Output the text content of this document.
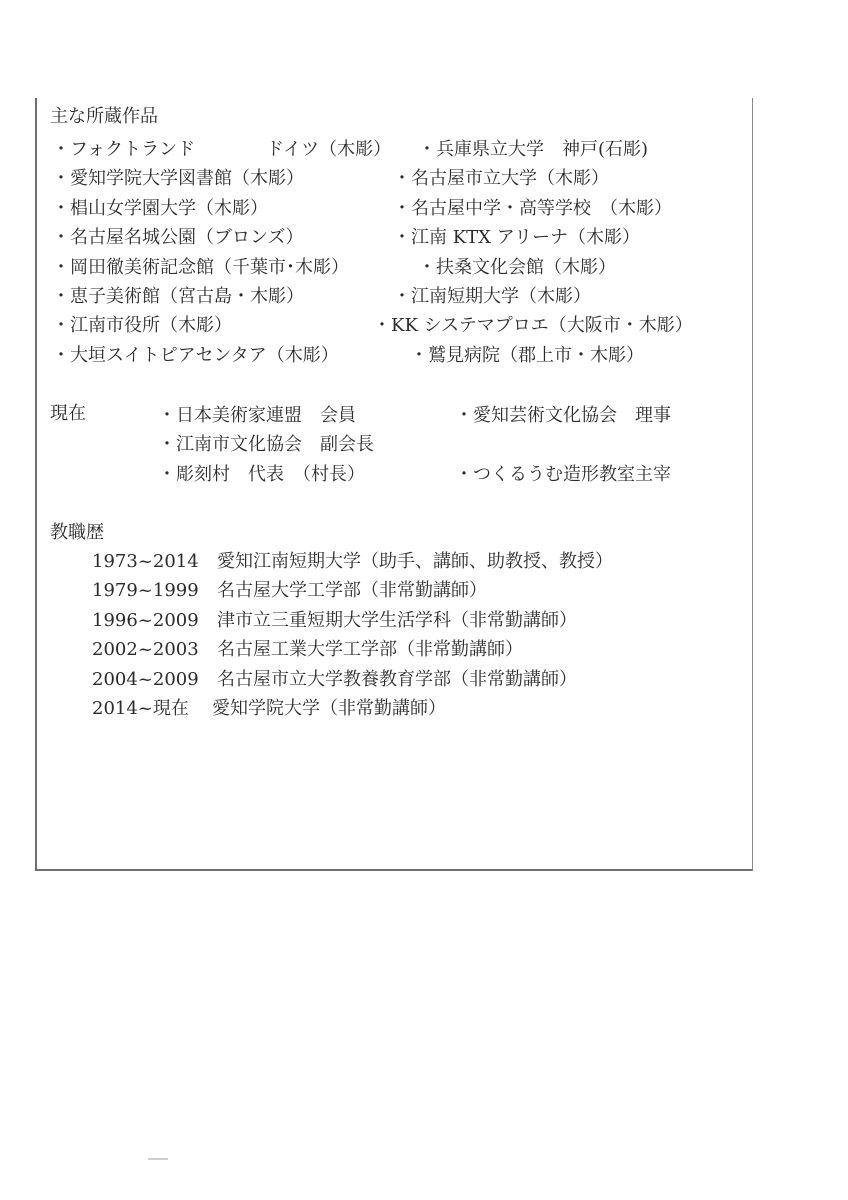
主な所蔵作品
・フォクトランド	ドイツ（木彫） ・兵庫県立大学　神戸(石彫)
・愛知学院大学図書館（木彫）	・名古屋市立大学（木彫）
・椙山女学園大学（木彫）	・名古屋中学・高等学校　（木彫）
・名古屋名城公園（ブロンズ）	・江南 KTX アリーナ（木彫）
・岡田徹美術記念館（千葉市･木彫）	・扶桑文化会館（木彫）
・恵子美術館（宮古島・木彫）	・江南短期大学（木彫）
・江南市役所（木彫）	・KK システマプロエ（大阪市・木彫）
・大垣スイトピアセンタア（木彫）	・鷲見病院（郡上市・木彫）
現在	・日本美術家連盟　会員	・愛知芸術文化協会　理事
・江南市文化協会　副会長
・彫刻村　代表　（村長）	・つくるうむ造形教室主宰
教職歴
1973~2014 愛知江南短期大学（助手、講師、助教授、教授）
1979~1999 名古屋大学工学部（非常勤講師）
1996~2009 津市立三重短期大学生活学科（非常勤講師）
2002~2003 名古屋工業大学工学部（非常勤講師）
2004~2009 名古屋市立大学教養教育学部（非常勤講師）
2014~現在 愛知学院大学（非常勤講師）
